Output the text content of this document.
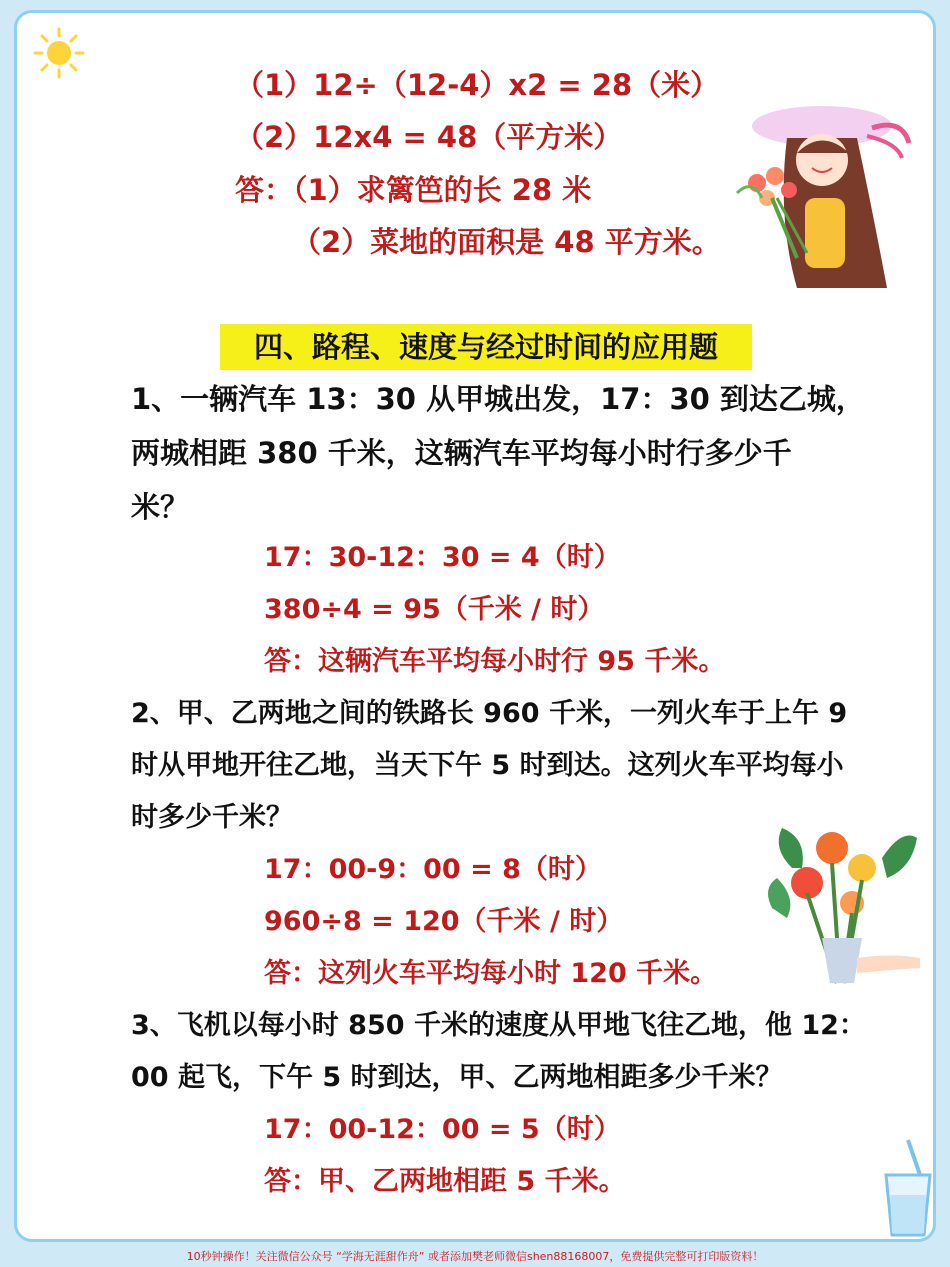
（1）12÷（12-4）x2 = 28（米）
（2）12x4 = 48（平方米）
答：（1）求篱笆的长 28 米
（2）菜地的面积是 48 平方米。
四、路程、速度与经过时间的应用题
1、一辆汽车 13：30 从甲城出发，17：30 到达乙城，
两城相距 380 千米，这辆汽车平均每小时行多少千
米？
17：30-12：30 = 4（时）
380÷4 = 95（千米 / 时）
答：这辆汽车平均每小时行 95 千米。
2、甲、乙两地之间的铁路长 960 千米，一列火车于上午 9
时从甲地开往乙地，当天下午 5 时到达。这列火车平均每小
时多少千米？
17：00-9：00 = 8（时）
960÷8 = 120（千米 / 时）
答：这列火车平均每小时 120 千米。
3、飞机以每小时 850 千米的速度从甲地飞往乙地，他 12：
00 起飞，下午 5 时到达，甲、乙两地相距多少千米？
17：00-12：00 = 5（时）
答：甲、乙两地相距 5 千米。
10秒钟操作！关注微信公众号 “学海无涯甜作舟” 或者添加樊老师微信shen88168007，免费提供完整可打印版资料！
